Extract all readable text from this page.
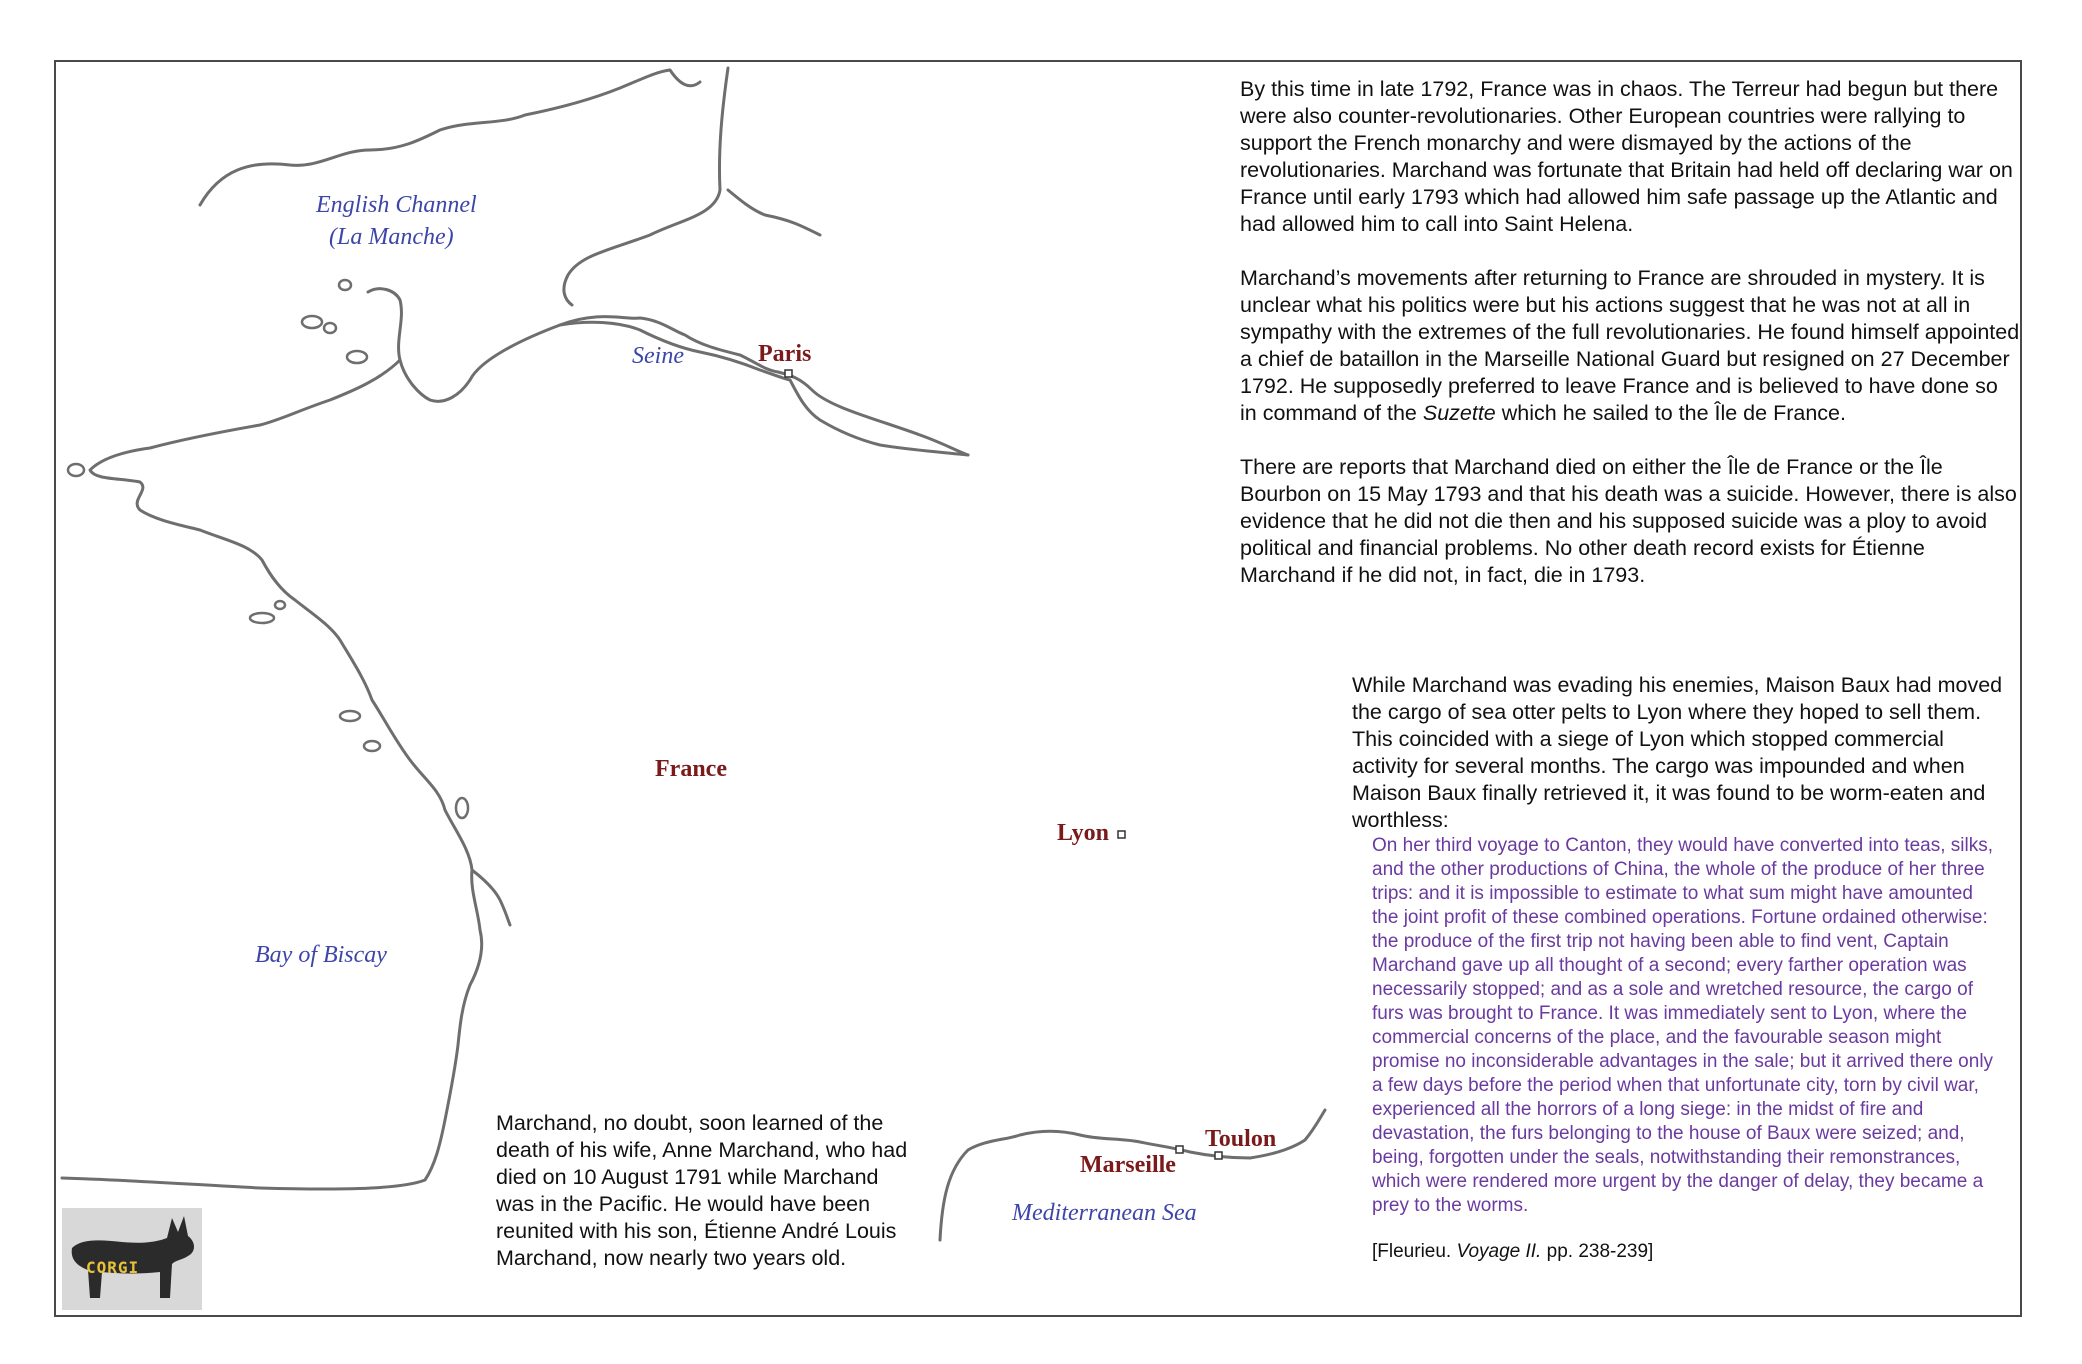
English Channel
(La Manche)
Seine	Paris
France
Lyon
Bay of Biscay
Toulon
Marseille
Mediterranean Sea

By this time in late 1792, France was in chaos. The Terreur had begun but there were also counter-revolutionaries. Other European countries were rallying to support the French monarchy and were dismayed by the actions of the revolutionaries. Marchand was fortunate that Britain had held off declaring war on France until early 1793 which had allowed him safe passage up the Atlantic and had allowed him to call into Saint Helena.

Marchand’s movements after returning to France are shrouded in mystery. It is unclear what his politics were but his actions suggest that he was not at all in sympathy with the extremes of the full revolutionaries. He found himself appointed a chief de bataillon in the Marseille National Guard but resigned on 27 December 1792. He supposedly preferred to leave France and is believed to have done so in command of the Suzette which he sailed to the Île de France.

There are reports that Marchand died on either the Île de France or the Île Bourbon on 15 May 1793 and that his death was a suicide. However, there is also evidence that he did not die then and his supposed suicide was a ploy to avoid political and financial problems. No other death record exists for Étienne Marchand if he did not, in fact, die in 1793.

While Marchand was evading his enemies, Maison Baux had moved the cargo of sea otter pelts to Lyon where they hoped to sell them. This coincided with a siege of Lyon which stopped commercial activity for several months. The cargo was impounded and when Maison Baux finally retrieved it, it was found to be worm-eaten and worthless:
On her third voyage to Canton, they would have converted into teas, silks, and the other productions of China, the whole of the produce of her three trips: and it is impossible to estimate to what sum might have amounted the joint profit of these combined operations. Fortune ordained otherwise: the produce of the first trip not having been able to find vent, Captain Marchand gave up all thought of a second; every farther operation was necessarily stopped; and as a sole and wretched resource, the cargo of furs was brought to France. It was immediately sent to Lyon, where the commercial concerns of the place, and the favourable season might promise no inconsiderable advantages in the sale; but it arrived there only a few days before the period when that unfortunate city, torn by civil war, experienced all the horrors of a long siege: in the midst of fire and devastation, the furs belonging to the house of Baux were seized; and, being, forgotten under the seals, notwithstanding their remonstrances, which were rendered more urgent by the danger of delay, they became a prey to the worms.
[Fleurieu. Voyage II. pp. 238-239]
Marchand, no doubt, soon learned of the death of his wife, Anne Marchand, who had died on 10 August 1791 while Marchand was in the Pacific. He would have been reunited with his son, Étienne André Louis Marchand, now nearly two years old.
CORGI
